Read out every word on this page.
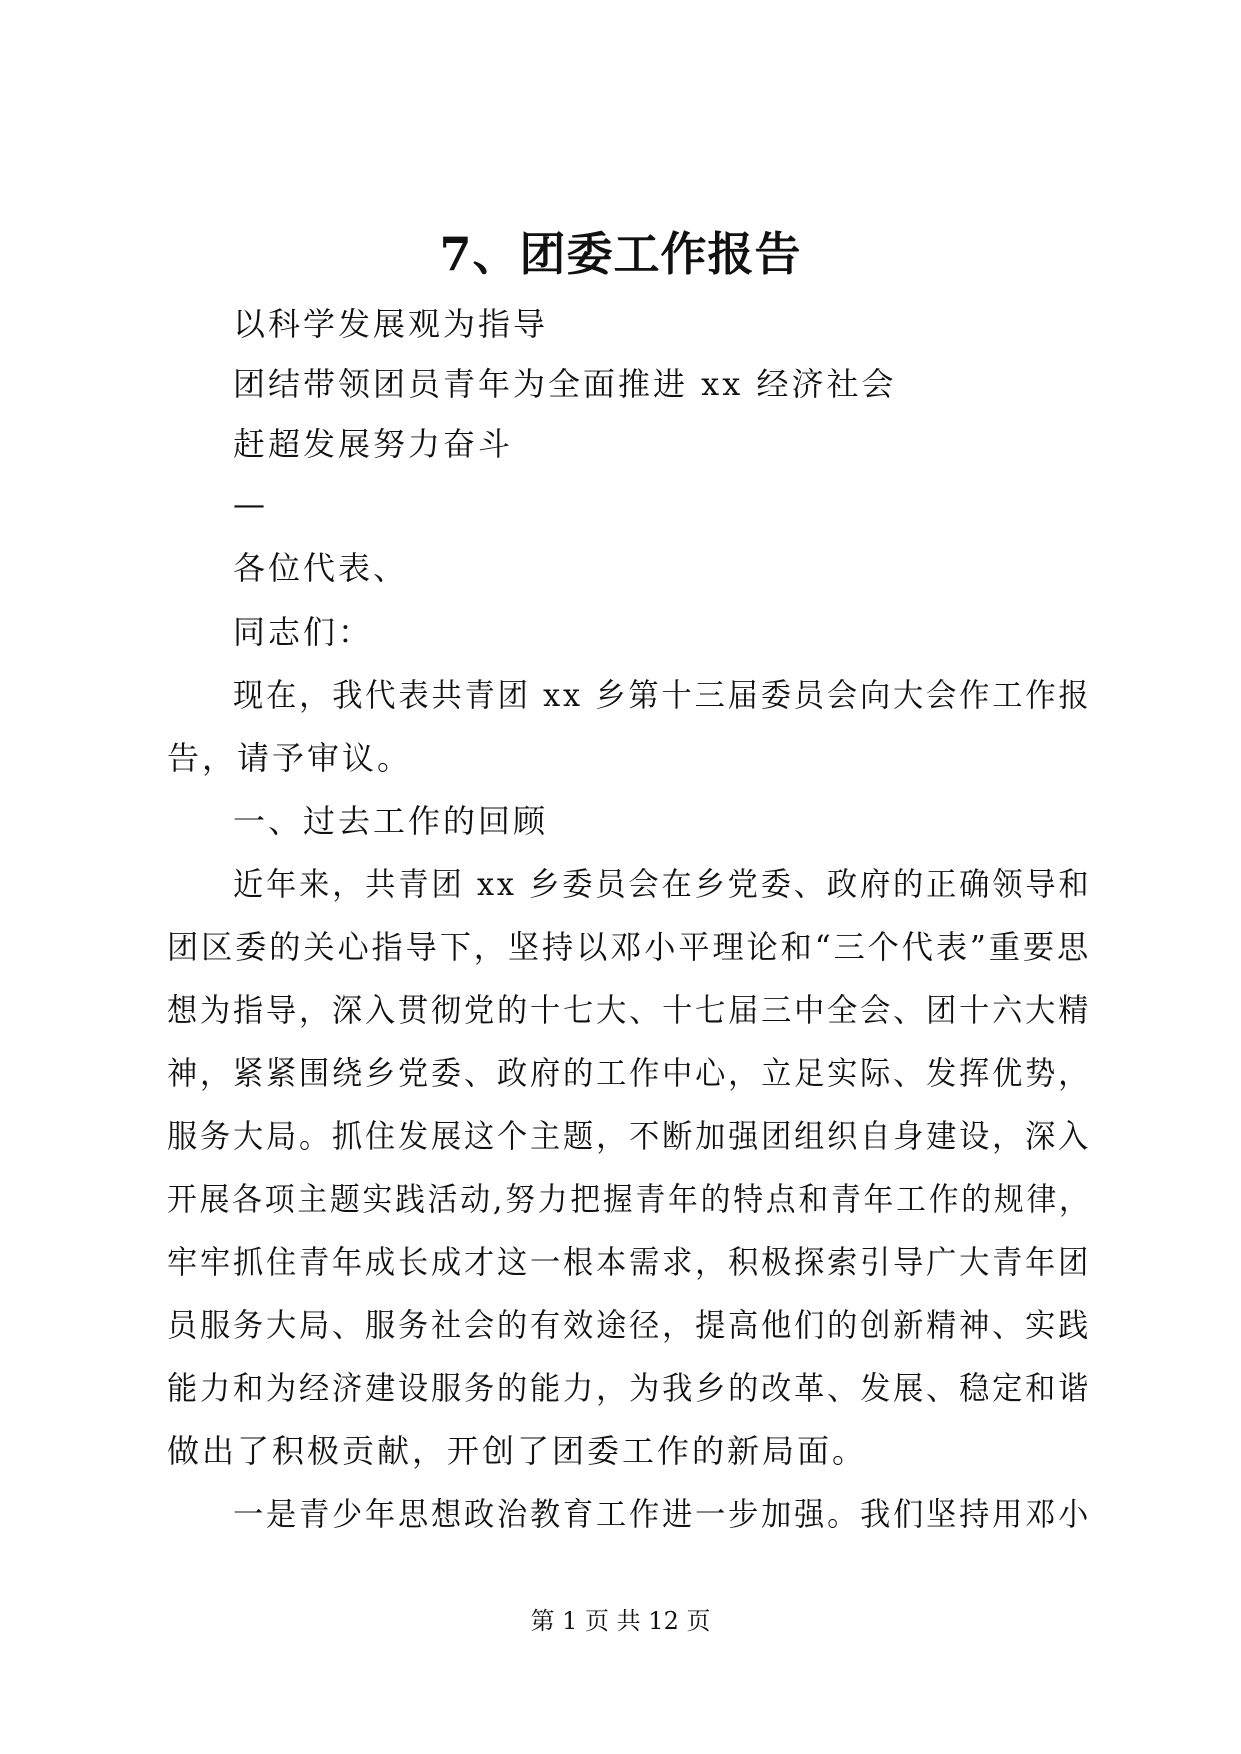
7、团委工作报告
以科学发展观为指导
团结带领团员青年为全面推进 xx 经济社会
赶超发展努力奋斗
—
各位代表、
同志们：
现在，我代表共青团 xx 乡第十三届委员会向大会作工作报
告，请予审议。
一、过去工作的回顾
近年来，共青团 xx 乡委员会在乡党委、政府的正确领导和
团区委的关心指导下，坚持以邓小平理论和“三个代表”重要思
想为指导，深入贯彻党的十七大、十七届三中全会、团十六大精
神，紧紧围绕乡党委、政府的工作中心，立足实际、发挥优势，
服务大局。抓住发展这个主题，不断加强团组织自身建设，深入
开展各项主题实践活动,努力把握青年的特点和青年工作的规律，
牢牢抓住青年成长成才这一根本需求，积极探索引导广大青年团
员服务大局、服务社会的有效途径，提高他们的创新精神、实践
能力和为经济建设服务的能力，为我乡的改革、发展、稳定和谐
做出了积极贡献，开创了团委工作的新局面。
一是青少年思想政治教育工作进一步加强。我们坚持用邓小
第 1 页 共 12 页
